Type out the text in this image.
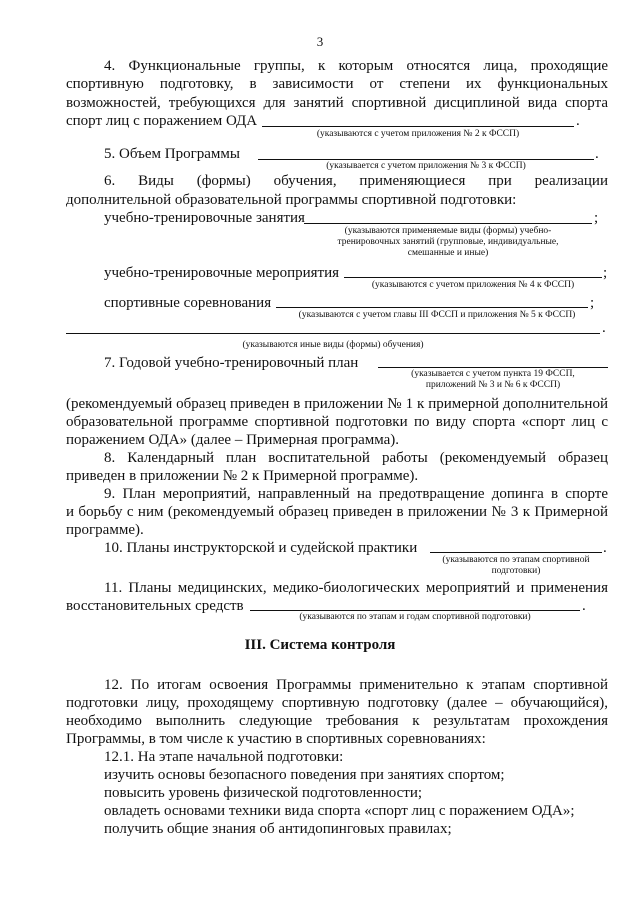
3
4. Функциональные группы, к которым относятся лица, проходящие
спортивную подготовку, в зависимости от степени их функциональных
возможностей, требующихся для занятий спортивной дисциплиной вида спорта
спорт лиц с поражением ОДА	.
(указываются с учетом приложения № 2 к ФССП)
5. Объем Программы	.
(указывается с учетом приложения № 3 к ФССП)
6. Виды (формы) обучения, применяющиеся при реализации
дополнительной образовательной программы спортивной подготовки:
учебно-тренировочные занятия	;
(указываются применяемые виды (формы) учебно-
тренировочных занятий (групповые, индивидуальные,
смешанные и иные)
учебно-тренировочные мероприятия	;
(указываются с учетом приложения № 4 к ФССП)
спортивные соревнования	;
(указываются с учетом главы III ФССП и приложения № 5 к ФССП)
.
(указываются иные виды (формы) обучения)
7. Годовой учебно-тренировочный план
(указывается с учетом пункта 19 ФССП,
приложений № 3 и № 6 к ФССП)
(рекомендуемый образец приведен в приложении № 1 к примерной дополнительной
образовательной программе спортивной подготовки по виду спорта «спорт лиц с
поражением ОДА» (далее – Примерная программа).
8. Календарный план воспитательной работы (рекомендуемый образец
приведен в приложении № 2 к Примерной программе).
9. План мероприятий, направленный на предотвращение допинга в спорте
и борьбу с ним (рекомендуемый образец приведен в приложении № 3 к Примерной
программе).
10. Планы инструкторской и судейской практики	.
(указываются по этапам спортивной
подготовки)
11. Планы медицинских, медико-биологических мероприятий и применения
восстановительных средств	.
(указываются по этапам и годам спортивной подготовки)
III. Система контроля
12. По итогам освоения Программы применительно к этапам спортивной
подготовки лицу, проходящему спортивную подготовку (далее – обучающийся),
необходимо выполнить следующие требования к результатам прохождения
Программы, в том числе к участию в спортивных соревнованиях:
12.1. На этапе начальной подготовки:
изучить основы безопасного поведения при занятиях спортом;
повысить уровень физической подготовленности;
овладеть основами техники вида спорта «спорт лиц с поражением ОДА»;
получить общие знания об антидопинговых правилах;
